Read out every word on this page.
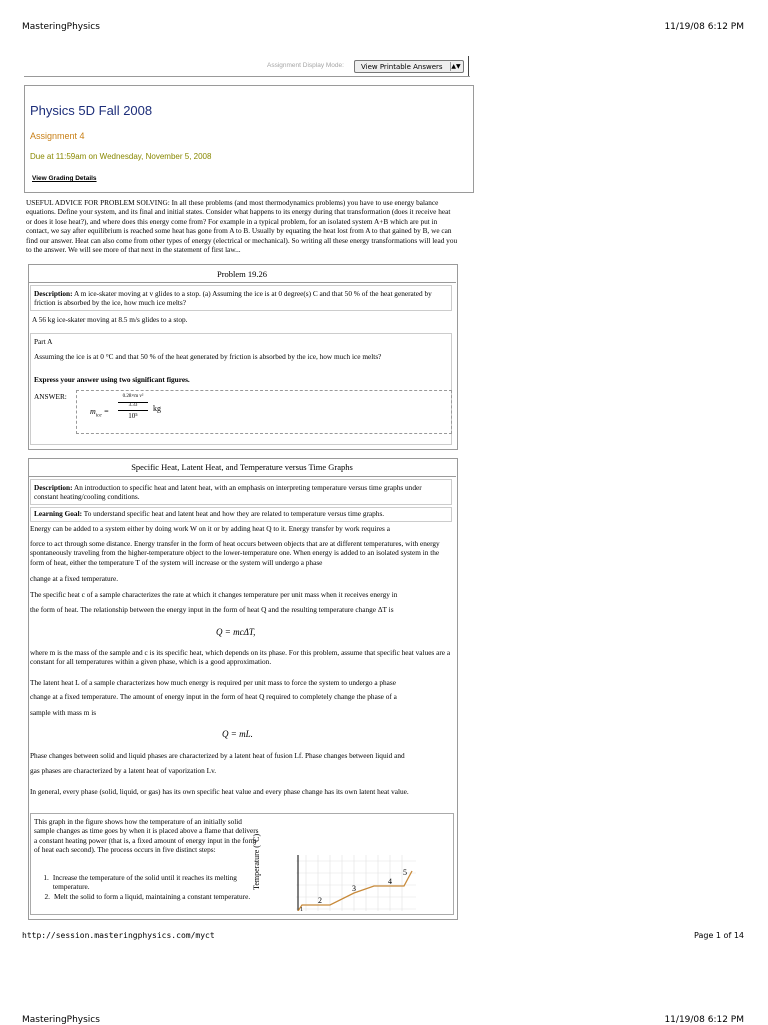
MasteringPhysics	11/19/08 6:12 PM
Assignment Display Mode:	View Printable Answers ▲▼
Physics 5D Fall 2008
Assignment 4
Due at 11:59am on Wednesday, November 5, 2008
View Grading Details
USEFUL ADVICE FOR PROBLEM SOLVING: In all these problems (and most thermodynamics problems) you have to use energy balance equations. Define your system, and its final and initial states. Consider what happens to its energy during that transformation (does it receive heat or does it lose heat?), and where does this energy come from? For example in a typical problem, for an isolated system A+B which are put in contact, we say after equilibrium is reached some heat has gone from A to B. Usually by equating the heat lost from A to that gained by B, we can find our answer. Heat can also come from other types of energy (electrical or mechanical). So writing all these energy transformations will lead you to the answer. We will see more of that next in the statement of first law...
Problem 19.26
Description: A m ice-skater moving at v glides to a stop. (a) Assuming the ice is at 0 degree(s) C and that 50 % of the heat generated by friction is absorbed by the ice, how much ice melts?
A 56 kg ice-skater moving at 8.5 m/s glides to a stop.
Part A
Assuming the ice is at 0 °C and that 50 % of the heat generated by friction is absorbed by the ice, how much ice melts?
Express your answer using two significant figures.
ANSWER:
$m_{ice}$ =
0.28×m v²
3.33
10⁵
kg
Specific Heat, Latent Heat, and Temperature versus Time Graphs
Description: An introduction to specific heat and latent heat, with an emphasis on interpreting temperature versus time graphs under constant heating/cooling conditions.
Learning Goal: To understand specific heat and latent heat and how they are related to temperature versus time graphs.
Energy can be added to a system either by doing work W on it or by adding heat Q to it. Energy transfer by work requires a
force to act through some distance. Energy transfer in the form of heat occurs between objects that are at different temperatures, with energy spontaneously traveling from the higher-temperature object to the lower-temperature one. When energy is added to an isolated system in the form of heat, either the temperature T of the system will increase or the system will undergo a phase
change at a fixed temperature.
The specific heat c of a sample characterizes the rate at which it changes temperature per unit mass when it receives energy in
the form of heat. The relationship between the energy input in the form of heat Q and the resulting temperature change ΔT is
Q = mcΔT,
where m is the mass of the sample and c is its specific heat, which depends on its phase. For this problem, assume that specific heat values are a constant for all temperatures within a given phase, which is a good approximation.
The latent heat L of a sample characterizes how much energy is required per unit mass to force the system to undergo a phase
change at a fixed temperature. The amount of energy input in the form of heat Q required to completely change the phase of a
sample with mass m is
Q = mL.
Phase changes between solid and liquid phases are characterized by a latent heat of fusion Lf. Phase changes between liquid and
gas phases are characterized by a latent heat of vaporization Lv.
In general, every phase (solid, liquid, or gas) has its own specific heat value and every phase change has its own latent heat value.
This graph in the figure shows how the temperature of an initially solid sample changes as time goes by when it is placed above a flame that delivers a constant heating power (that is, a fixed amount of energy input in the form of heat each second). The process occurs in five distinct steps:
1. Increase the temperature of the solid until it reaches its melting temperature.
2. Melt the solid to form a liquid, maintaining a constant temperature.
Temperature (°C)
1
2
3
4
5
http://session.masteringphysics.com/myct	Page 1 of 14
MasteringPhysics	11/19/08 6:12 PM
